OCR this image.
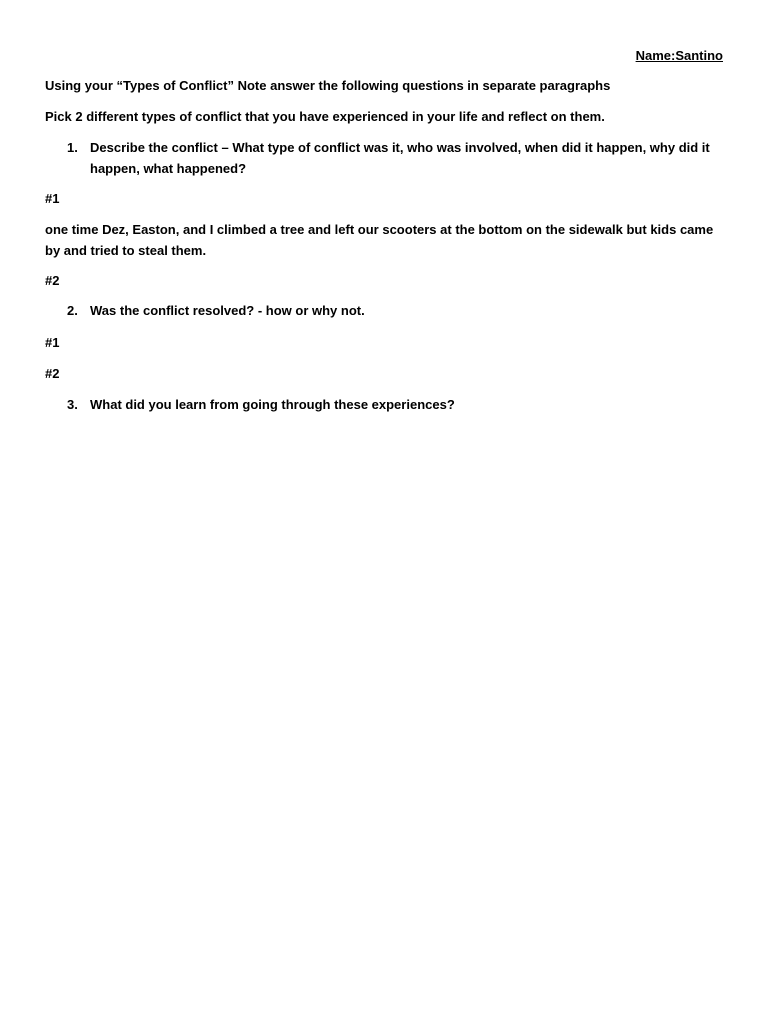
Name:Santino
Using your “Types of Conflict” Note answer the following questions in separate paragraphs
Pick 2 different types of conflict that you have experienced in your life and reflect on them.
1. Describe the conflict – What type of conflict was it, who was involved, when did it happen, why did it happen, what happened?
#1
one time Dez, Easton, and I climbed a tree and left our scooters at the bottom on the sidewalk but kids came by and tried to steal them.
#2
2. Was the conflict resolved? - how or why not.
#1
#2
3. What did you learn from going through these experiences?
